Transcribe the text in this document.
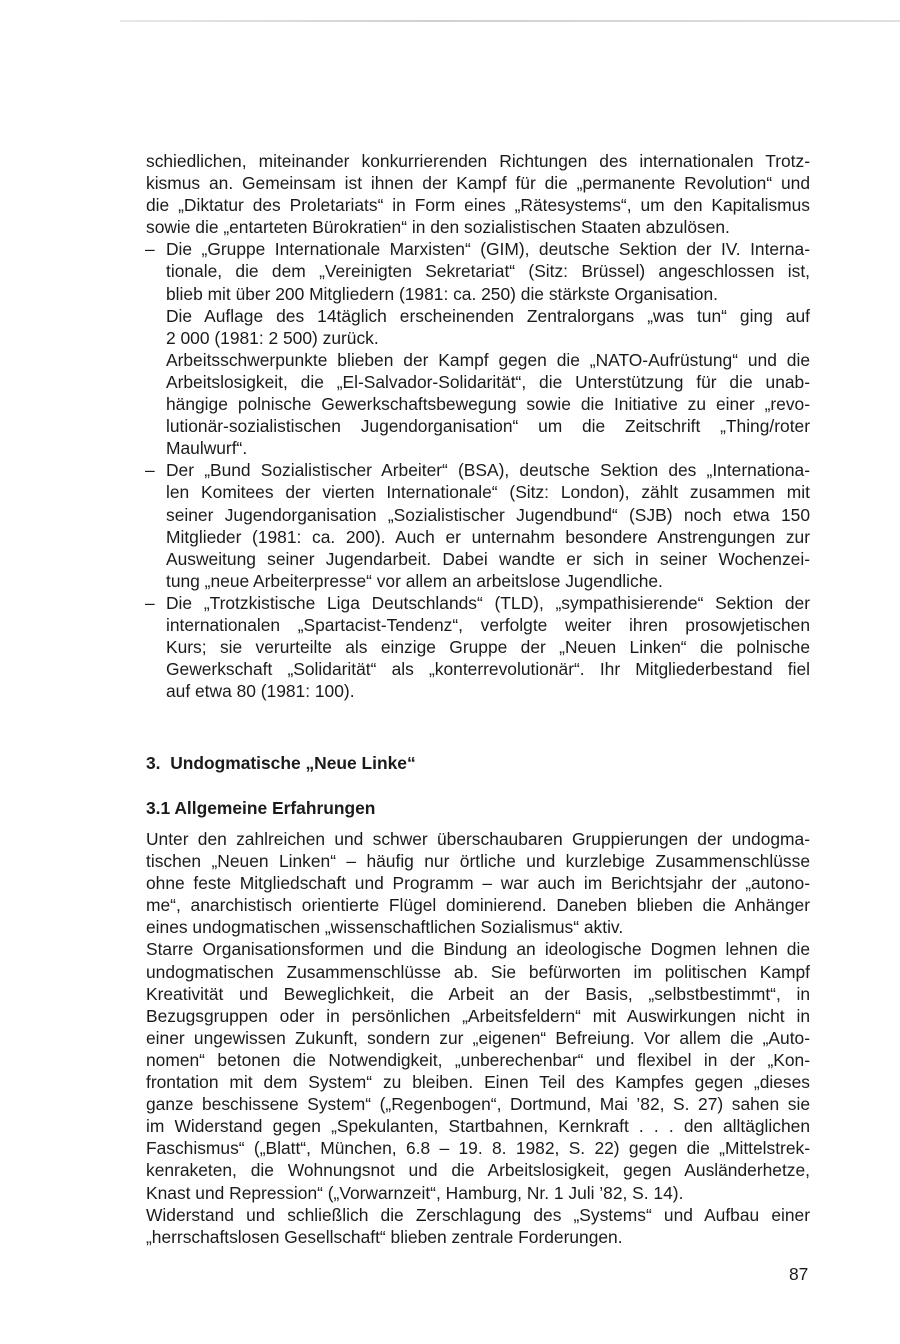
schiedlichen, miteinander konkurrierenden Richtungen des internationalen Trotz-
kismus an. Gemeinsam ist ihnen der Kampf für die „permanente Revolution“ und
die „Diktatur des Proletariats“ in Form eines „Rätesystems“, um den Kapitalismus
sowie die „entarteten Bürokratien“ in den sozialistischen Staaten abzulösen.

– Die „Gruppe Internationale Marxisten“ (GIM), deutsche Sektion der IV. Interna-
tionale, die dem „Vereinigten Sekretariat“ (Sitz: Brüssel) angeschlossen ist,
blieb mit über 200 Mitgliedern (1981: ca. 250) die stärkste Organisation.
Die Auflage des 14täglich erscheinenden Zentralorgans „was tun“ ging auf
2 000 (1981: 2 500) zurück.
Arbeitsschwerpunkte blieben der Kampf gegen die „NATO-Aufrüstung“ und die
Arbeitslosigkeit, die „El-Salvador-Solidarität“, die Unterstützung für die unab-
hängige polnische Gewerkschaftsbewegung sowie die Initiative zu einer „revo-
lutionär-sozialistischen Jugendorganisation“ um die Zeitschrift „Thing/roter
Maulwurf“.
– Der „Bund Sozialistischer Arbeiter“ (BSA), deutsche Sektion des „Internationa-
len Komitees der vierten Internationale“ (Sitz: London), zählt zusammen mit
seiner Jugendorganisation „Sozialistischer Jugendbund“ (SJB) noch etwa 150
Mitglieder (1981: ca. 200). Auch er unternahm besondere Anstrengungen zur
Ausweitung seiner Jugendarbeit. Dabei wandte er sich in seiner Wochenzei-
tung „neue Arbeiterpresse“ vor allem an arbeitslose Jugendliche.
– Die „Trotzkistische Liga Deutschlands“ (TLD), „sympathisierende“ Sektion der
internationalen „Spartacist-Tendenz“, verfolgte weiter ihren prosowjetischen
Kurs; sie verurteilte als einzige Gruppe der „Neuen Linken“ die polnische
Gewerkschaft „Solidarität“ als „konterrevolutionär“. Ihr Mitgliederbestand fiel
auf etwa 80 (1981: 100).
3. Undogmatische „Neue Linke“
3.1 Allgemeine Erfahrungen

Unter den zahlreichen und schwer überschaubaren Gruppierungen der undogma-
tischen „Neuen Linken“ – häufig nur örtliche und kurzlebige Zusammenschlüsse
ohne feste Mitgliedschaft und Programm – war auch im Berichtsjahr der „autono-
me“, anarchistisch orientierte Flügel dominierend. Daneben blieben die Anhänger
eines undogmatischen „wissenschaftlichen Sozialismus“ aktiv.

Starre Organisationsformen und die Bindung an ideologische Dogmen lehnen die
undogmatischen Zusammenschlüsse ab. Sie befürworten im politischen Kampf
Kreativität und Beweglichkeit, die Arbeit an der Basis, „selbstbestimmt“, in
Bezugsgruppen oder in persönlichen „Arbeitsfeldern“ mit Auswirkungen nicht in
einer ungewissen Zukunft, sondern zur „eigenen“ Befreiung. Vor allem die „Auto-
nomen“ betonen die Notwendigkeit, „unberechenbar“ und flexibel in der „Kon-
frontation mit dem System“ zu bleiben. Einen Teil des Kampfes gegen „dieses
ganze beschissene System“ („Regenbogen“, Dortmund, Mai ’82, S. 27) sahen sie
im Widerstand gegen „Spekulanten, Startbahnen, Kernkraft . . . den alltäglichen
Faschismus“ („Blatt“, München, 6.8 – 19. 8. 1982, S. 22) gegen die „Mittelstrek-
kenraketen, die Wohnungsnot und die Arbeitslosigkeit, gegen Ausländerhetze,
Knast und Repression“ („Vorwarnzeit“, Hamburg, Nr. 1 Juli ’82, S. 14).

Widerstand und schließlich die Zerschlagung des „Systems“ und Aufbau einer
„herrschaftslosen Gesellschaft“ blieben zentrale Forderungen.

87
